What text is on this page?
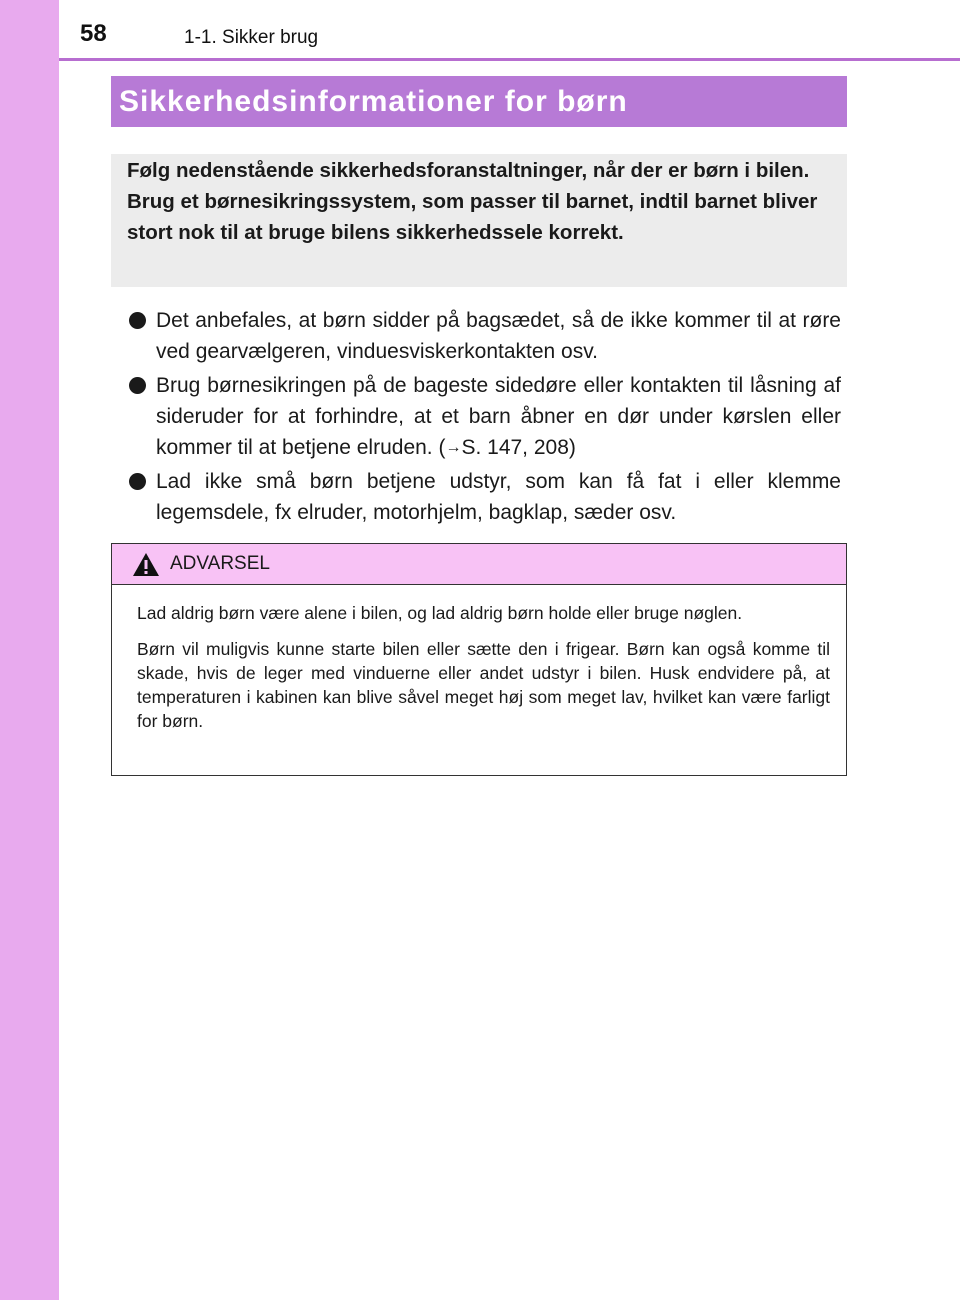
58	1-1. Sikker brug
Sikkerhedsinformationer for børn

Følg nedenstående sikkerhedsforanstaltninger, når der er børn i bilen.

Brug et børnesikringssystem, som passer til barnet, indtil barnet bliver stort nok til at bruge bilens sikkerhedssele korrekt.

Det anbefales, at børn sidder på bagsædet, så de ikke kommer til at røre ved gearvælgeren, vinduesviskerkontakten osv.
Brug børnesikringen på de bageste sidedøre eller kontakten til låsning af sideruder for at forhindre, at et barn åbner en dør under kørslen eller kommer til at betjene elruden. (→S. 147, 208)
Lad ikke små børn betjene udstyr, som kan få fat i eller klemme legemsdele, fx elruder, motorhjelm, bagklap, sæder osv.
ADVARSEL

Lad aldrig børn være alene i bilen, og lad aldrig børn holde eller bruge nøglen.

Børn vil muligvis kunne starte bilen eller sætte den i frigear. Børn kan også komme til skade, hvis de leger med vinduerne eller andet udstyr i bilen. Husk endvidere på, at temperaturen i kabinen kan blive såvel meget høj som meget lav, hvilket kan være farligt for børn.
